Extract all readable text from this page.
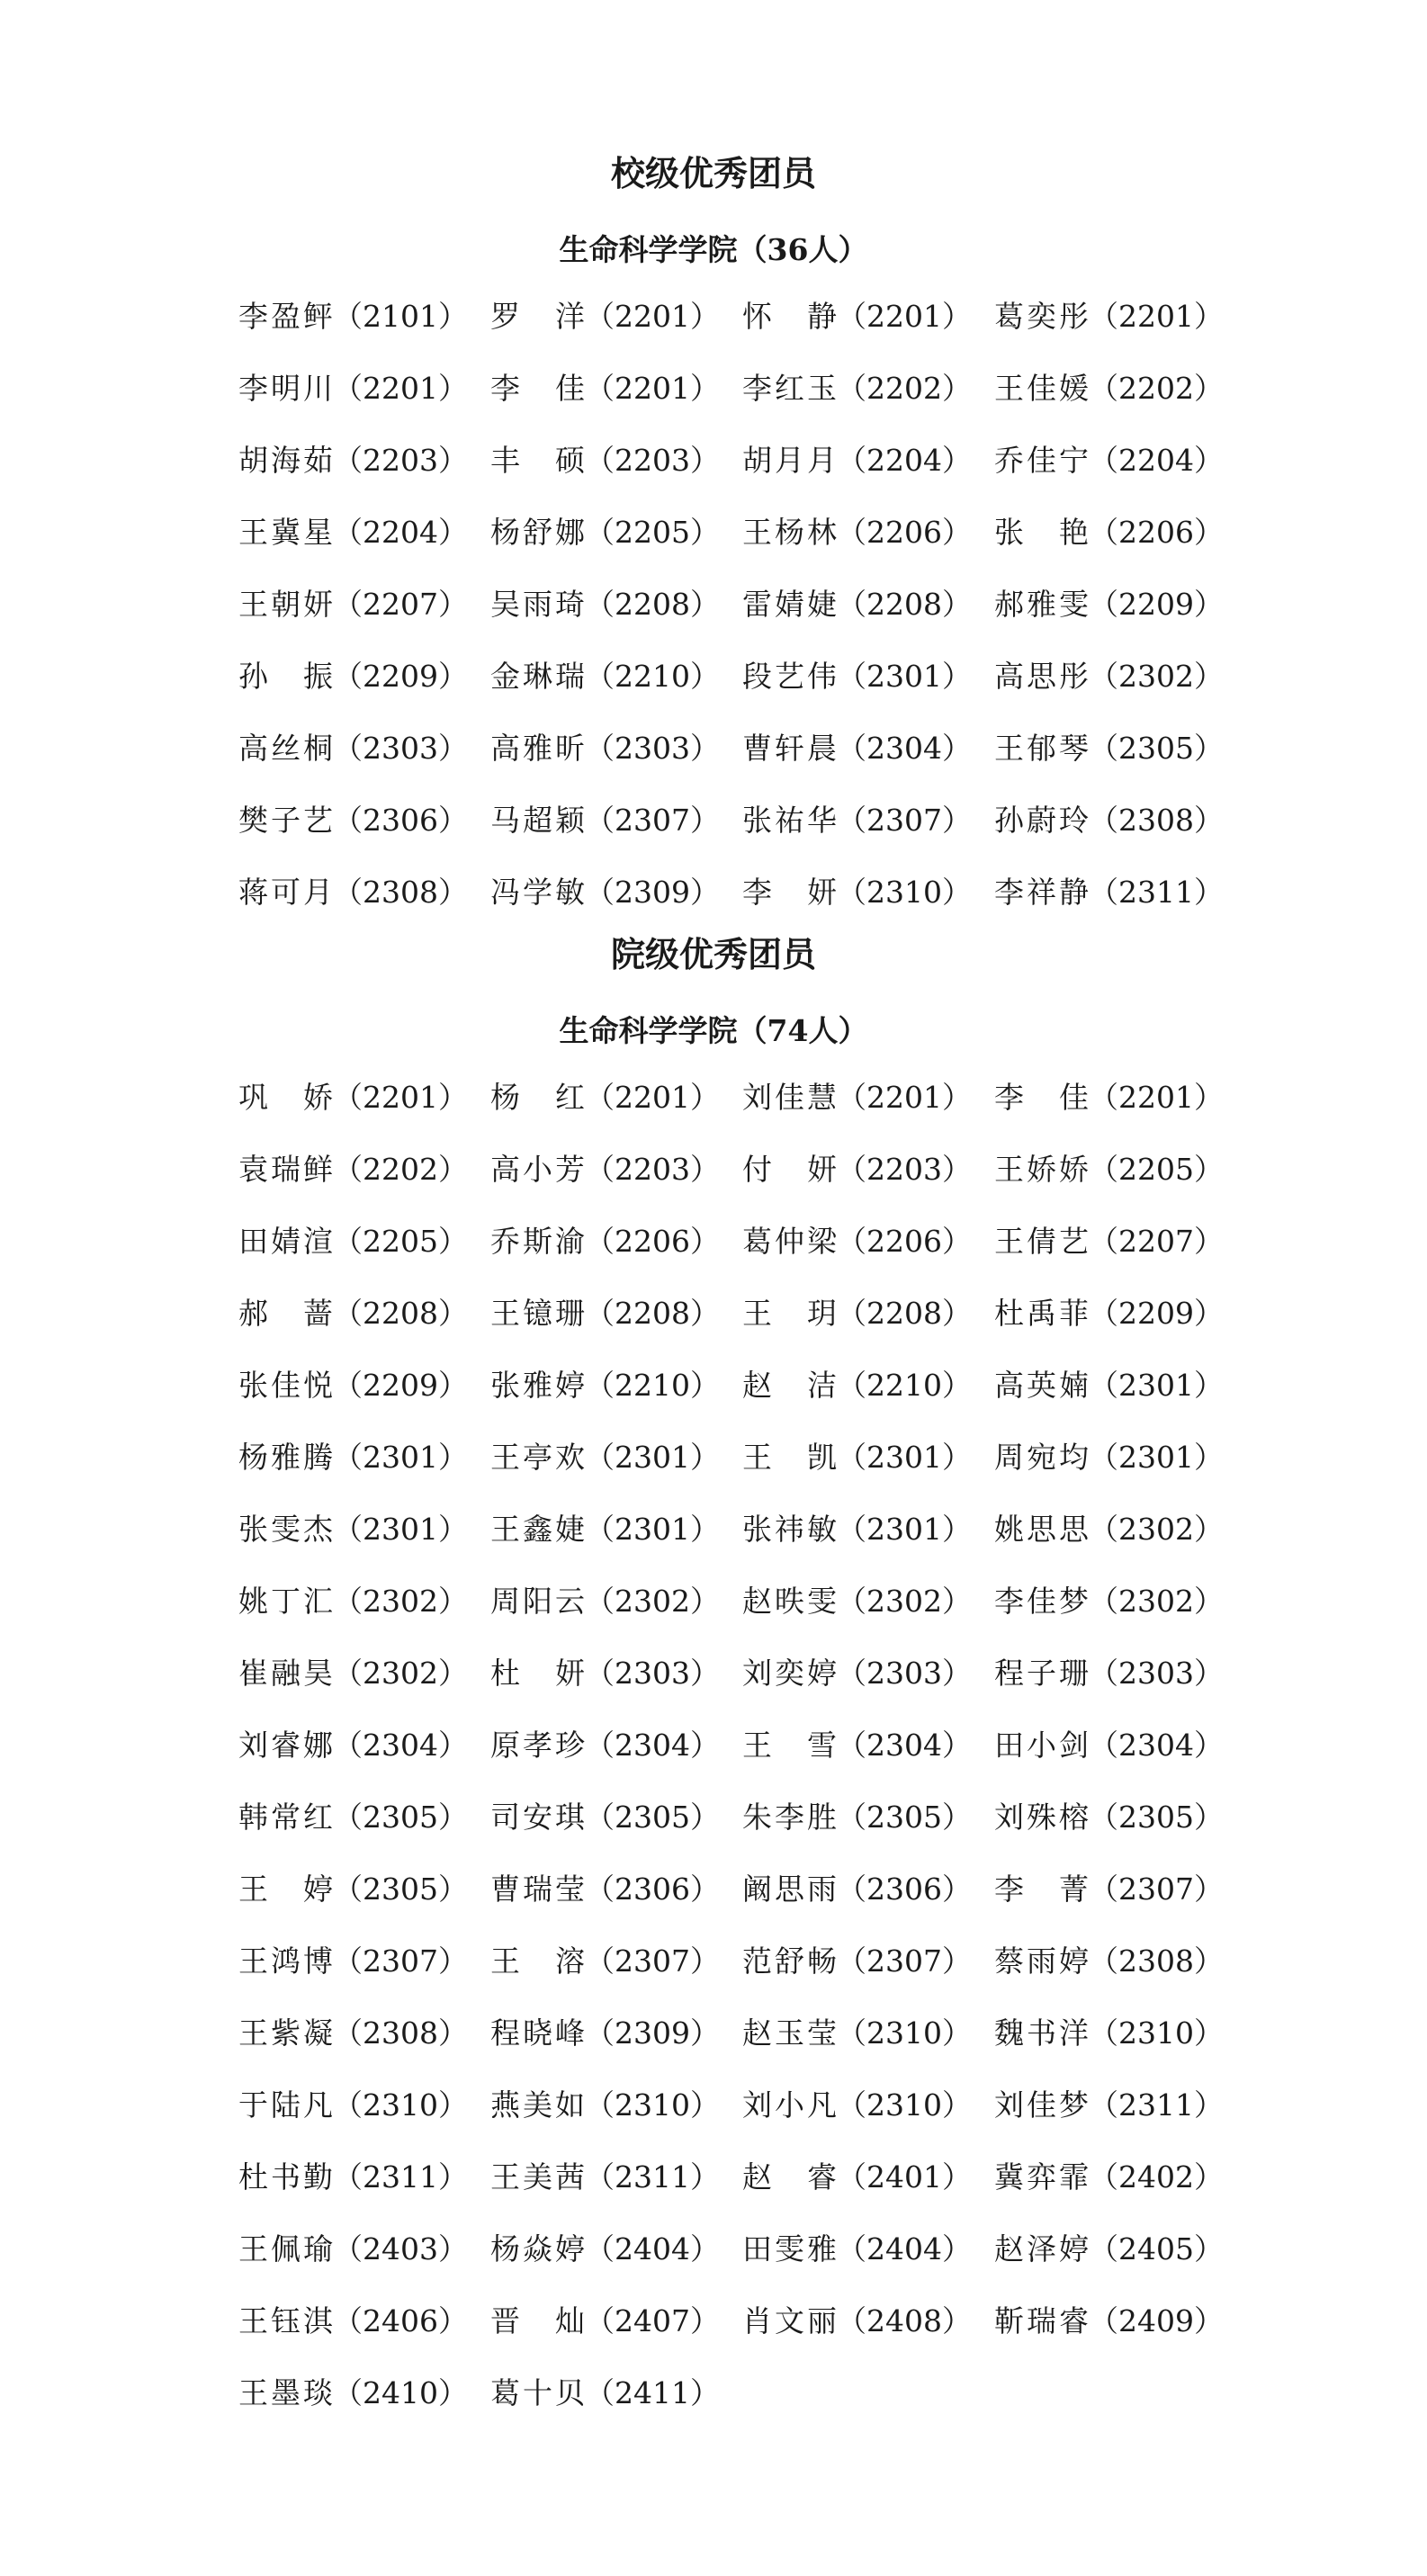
校级优秀团员
生命科学学院（36人）
李盈鲆（2101） 罗洋（2201） 怀静（2201） 葛奕彤（2201）
李明川（2201） 李佳（2201） 李红玉（2202） 王佳媛（2202）
胡海茹（2203） 丰硕（2203） 胡月月（2204） 乔佳宁（2204）
王冀星（2204） 杨舒娜（2205） 王杨林（2206） 张艳（2206）
王朝妍（2207） 吴雨琦（2208） 雷婧婕（2208） 郝雅雯（2209）
孙振（2209） 金琳瑞（2210） 段艺伟（2301） 高思彤（2302）
高丝桐（2303） 高雅昕（2303） 曹轩晨（2304） 王郁琴（2305）
樊子艺（2306） 马超颖（2307） 张祐华（2307） 孙蔚玲（2308）
蒋可月（2308） 冯学敏（2309） 李妍（2310） 李祥静（2311）
院级优秀团员
生命科学学院（74人）
巩娇（2201） 杨红（2201） 刘佳慧（2201） 李佳（2201）
袁瑞鲜（2202） 高小芳（2203） 付妍（2203） 王娇娇（2205）
田婧渲（2205） 乔斯渝（2206） 葛仲梁（2206） 王倩艺（2207）
郝蔷（2208） 王镱珊（2208） 王玥（2208） 杜禹菲（2209）
张佳悦（2209） 张雅婷（2210） 赵洁（2210） 高英婻（2301）
杨雅腾（2301） 王亭欢（2301） 王凯（2301） 周宛均（2301）
张雯杰（2301） 王鑫婕（2301） 张祎敏（2301） 姚思思（2302）
姚丁汇（2302） 周阳云（2302） 赵昳雯（2302） 李佳梦（2302）
崔融昊（2302） 杜妍（2303） 刘奕婷（2303） 程子珊（2303）
刘睿娜（2304） 原孝珍（2304） 王雪（2304） 田小剑（2304）
韩常红（2305） 司安琪（2305） 朱李胜（2305） 刘殊榕（2305）
王婷（2305） 曹瑞莹（2306） 阚思雨（2306） 李菁（2307）
王鸿博（2307） 王溶（2307） 范舒畅（2307） 蔡雨婷（2308）
王紫凝（2308） 程晓峰（2309） 赵玉莹（2310） 魏书洋（2310）
于陆凡（2310） 燕美如（2310） 刘小凡（2310） 刘佳梦（2311）
杜书勤（2311） 王美茜（2311） 赵睿（2401） 冀弈霏（2402）
王佩瑜（2403） 杨焱婷（2404） 田雯雅（2404） 赵泽婷（2405）
王钰淇（2406） 晋灿（2407） 肖文丽（2408） 靳瑞睿（2409）
王墨琰（2410） 葛十贝（2411）
